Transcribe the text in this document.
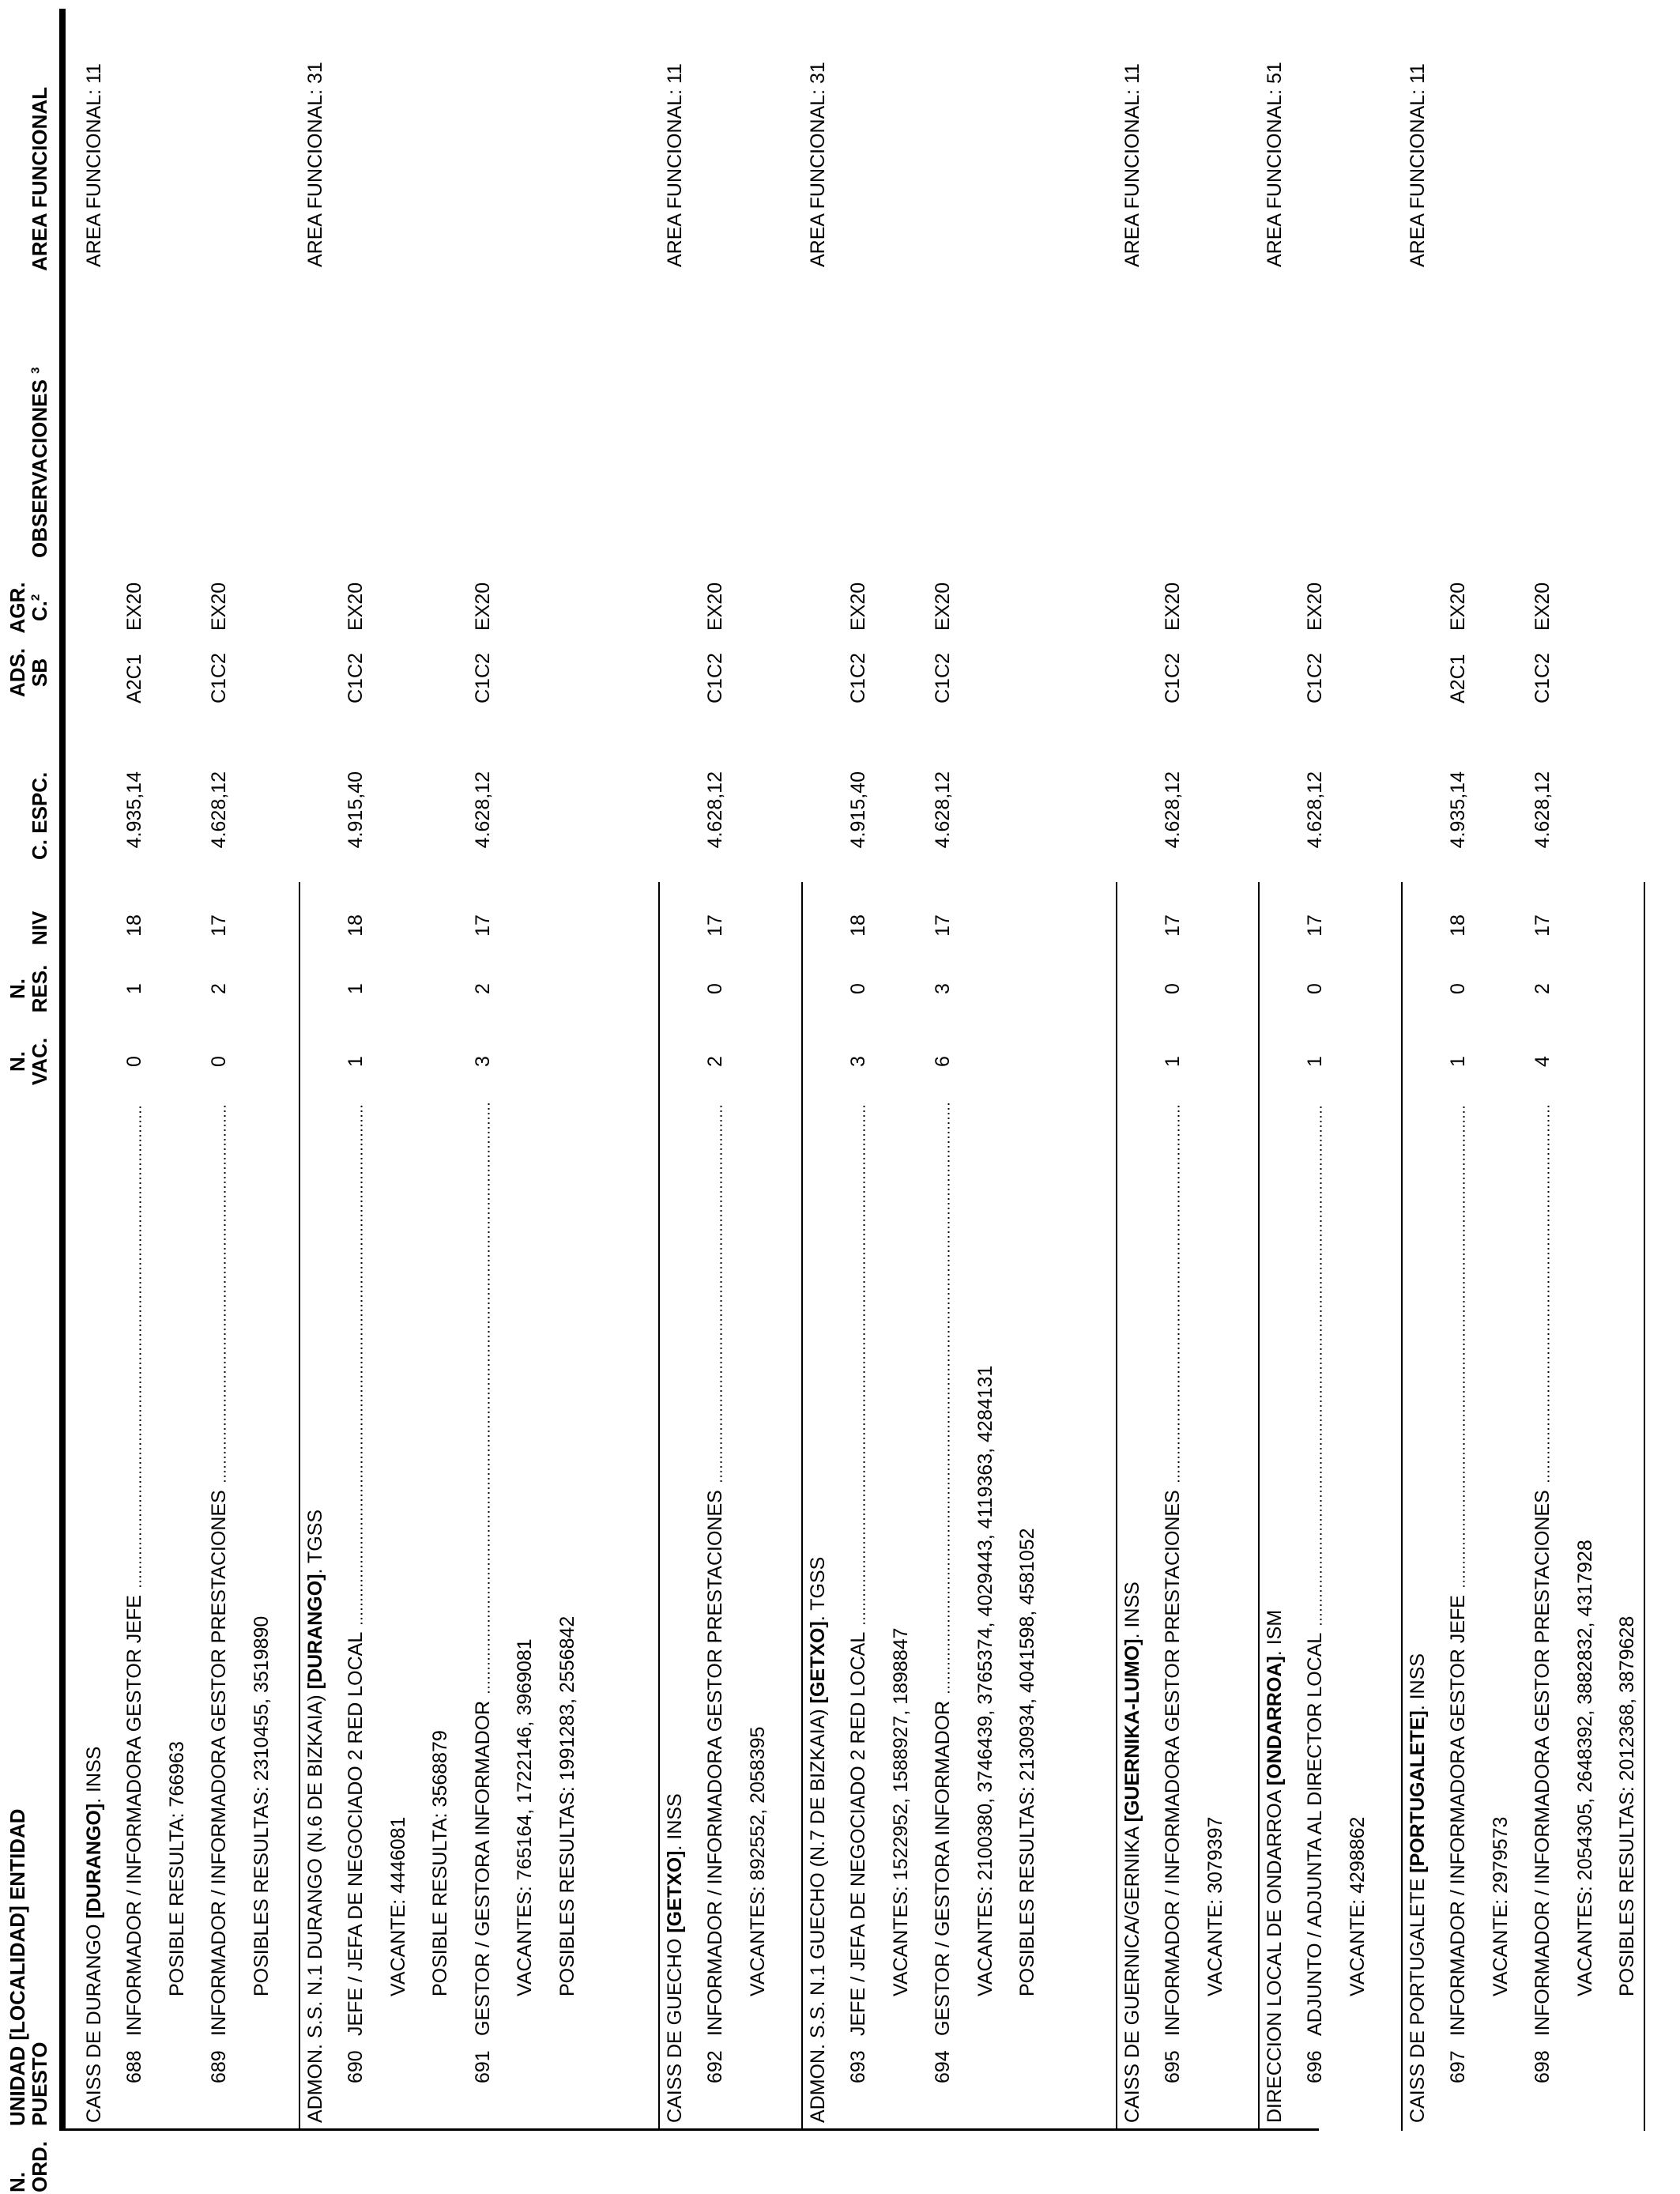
N.
ORD.
UNIDAD [LOCALIDAD] ENTIDAD
PUESTO
N.
VAC.
N.
RES.
NIV
C. ESPC.
ADS.
SB
AGR.
C.$^2$
OBSERVACIONES $^3$
AREA FUNCIONAL
CAISS DE DURANGO [DURANGO]. INSS
AREA FUNCIONAL: 11
688
INFORMADOR / INFORMADORA GESTOR JEFE
0
1
18
4.935,14
A2C1
EX20
POSIBLE RESULTA: 766963
689
INFORMADOR / INFORMADORA GESTOR PRESTACIONES
0
2
17
4.628,12
C1C2
EX20
POSIBLES RESULTAS: 2310455, 3519890 ADMON. S.S. N.1 DURANGO (N.6 DE BIZKAIA) [DURANGO]. TGSS
AREA FUNCIONAL: 31
690
JEFE / JEFA DE NEGOCIADO 2 RED LOCAL
1
1
18
4.915,40
C1C2
EX20
VACANTE: 4446081 POSIBLE RESULTA: 3568879
691
GESTOR / GESTORA INFORMADOR
3
2
17
4.628,12
C1C2
EX20
VACANTES: 765164, 1722146, 3969081 POSIBLES RESULTAS: 1991283, 2556842
CAISS DE GUECHO [GETXO]. INSS
AREA FUNCIONAL: 11
692
INFORMADOR / INFORMADORA GESTOR PRESTACIONES
2
0
17
4.628,12
C1C2
EX20
VACANTES: 892552, 2058395 ADMON. S.S. N.1 GUECHO (N.7 DE BIZKAIA) [GETXO]. TGSS
AREA FUNCIONAL: 31
693
JEFE / JEFA DE NEGOCIADO 2 RED LOCAL
3
0
18
4.915,40
C1C2
EX20
VACANTES: 1522952, 1588927, 1898847
694
GESTOR / GESTORA INFORMADOR
6
3
17
4.628,12
C1C2
EX20
VACANTES: 2100380, 3746439, 3765374, 4029443, 4119363, 4284131 POSIBLES RESULTAS: 2130934, 4041598, 4581052	CAISS DE GUERNICA/GERNIKA [GUERNIKA-LUMO]. INSS
AREA FUNCIONAL: 11
695
INFORMADOR / INFORMADORA GESTOR PRESTACIONES
1
0
17
4.628,12
C1C2
EX20
VACANTE: 3079397 DIRECCION LOCAL DE ONDARROA [ONDARROA]. ISM
AREA FUNCIONAL: 51
696
ADJUNTO / ADJUNTA AL DIRECTOR LOCAL
1
0
17
4.628,12
C1C2
EX20
VACANTE: 4298862 CAISS DE PORTUGALETE [PORTUGALETE]. INSS
AREA FUNCIONAL: 11
697
INFORMADOR / INFORMADORA GESTOR JEFE
1
0
18
4.935,14
A2C1
EX20
VACANTE: 2979573
698
INFORMADOR / INFORMADORA GESTOR PRESTACIONES
4
2
17
4.628,12
C1C2
EX20
VACANTES: 2054305, 2648392, 3882832, 4317928 POSIBLES RESULTAS: 2012368, 3879628
